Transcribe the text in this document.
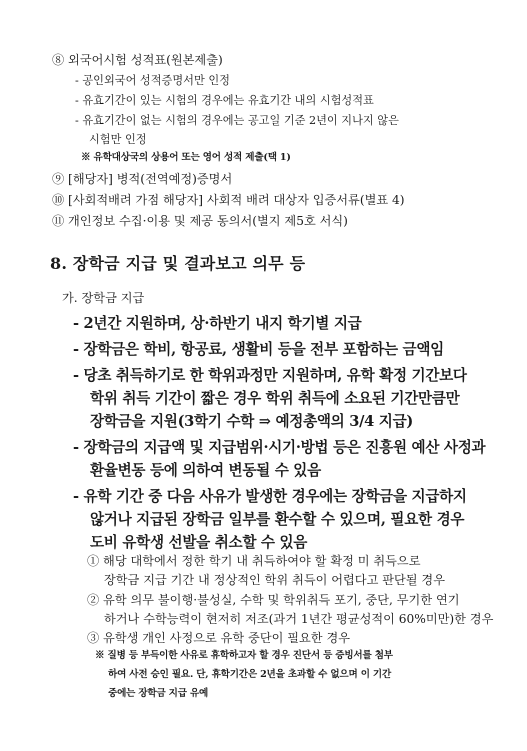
⑧ 외국어시험 성적표(원본제출)
- 공인외국어 성적증명서만 인정
- 유효기간이 있는 시험의 경우에는 유효기간 내의 시험성적표
- 유효기간이 없는 시험의 경우에는 공고일 기준 2년이 지나지 않은
시험만 인정
※ 유학대상국의 상용어 또는 영어 성적 제출(택 1)
⑨ [해당자] 병적(전역예정)증명서
⑩ [사회적배려 가점 해당자] 사회적 배려 대상자 입증서류(별표 4)
⑪ 개인정보 수집·이용 및 제공 동의서(별지 제5호 서식)
8. 장학금 지급 및 결과보고 의무 등
가. 장학금 지급
- 2년간 지원하며, 상·하반기 내지 학기별 지급
- 장학금은 학비, 항공료, 생활비 등을 전부 포함하는 금액임
- 당초 취득하기로 한 학위과정만 지원하며, 유학 확정 기간보다
학위 취득 기간이 짧은 경우 학위 취득에 소요된 기간만큼만
장학금을 지원(3학기 수학 ⇒ 예정총액의 3/4 지급)
- 장학금의 지급액 및 지급범위·시기·방법 등은 진흥원 예산 사정과
환율변동 등에 의하여 변동될 수 있음
- 유학 기간 중 다음 사유가 발생한 경우에는 장학금을 지급하지
않거나 지급된 장학금 일부를 환수할 수 있으며, 필요한 경우
도비 유학생 선발을 취소할 수 있음
① 해당 대학에서 정한 학기 내 취득하여야 할 확정 미 취득으로
장학금 지급 기간 내 정상적인 학위 취득이 어렵다고 판단될 경우
② 유학 의무 불이행·불성실, 수학 및 학위취득 포기, 중단, 무기한 연기
하거나 수학능력이 현저히 저조(과거 1년간 평균성적이 60%미만)한 경우
③ 유학생 개인 사정으로 유학 중단이 필요한 경우
※ 질병 등 부득이한 사유로 휴학하고자 할 경우 진단서 등 증빙서를 첨부
하여 사전 승인 필요. 단, 휴학기간은 2년을 초과할 수 없으며 이 기간
중에는 장학금 지급 유예
